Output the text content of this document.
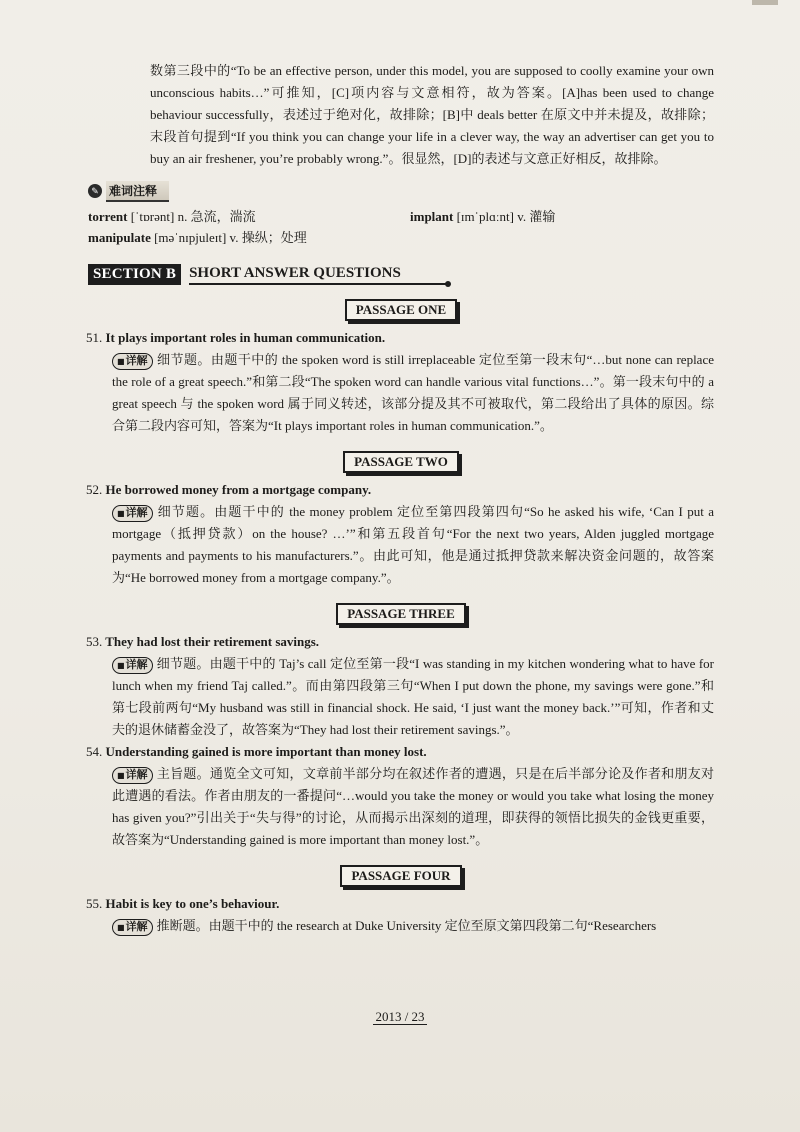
数第三段中的“To be an effective person, under this model, you are supposed to coolly examine your own unconscious habits…”可推知，[C]项内容与文意相符，故为答案。[A]has been used to change behaviour successfully，表述过于绝对化，故排除；[B]中 deals better 在原文中并未提及，故排除；末段首句提到“If you think you can change your life in a clever way, the way an advertiser can get you to buy an air freshener, you’re probably wrong.”。很显然，[D]的表述与文意正好相反，故排除。

✎ 难词注释
torrent [ˈtɒrənt] n. 急流，湍流	implant [ɪmˈplɑːnt] v. 灌输
manipulate [məˈnɪpjuleɪt] v. 操纵；处理
SECTION B SHORT ANSWER QUESTIONS
PASSAGE ONE

51. It plays important roles in human communication.

■详解 细节题。由题干中的 the spoken word is still irreplaceable 定位至第一段末句“…but none can replace the role of a great speech.”和第二段“The spoken word can handle various vital functions…”。第一段末句中的 a great speech 与 the spoken word 属于同义转述，该部分提及其不可被取代，第二段给出了具体的原因。综合第二段内容可知，答案为“It plays important roles in human communication.”。

PASSAGE TWO

52. He borrowed money from a mortgage company.

■详解 细节题。由题干中的 the money problem 定位至第四段第四句“So he asked his wife, ‘Can I put a mortgage（抵押贷款）on the house? …’”和第五段首句“For the next two years, Alden juggled mortgage payments and payments to his manufacturers.”。由此可知，他是通过抵押贷款来解决资金问题的，故答案为“He borrowed money from a mortgage company.”。

PASSAGE THREE

53. They had lost their retirement savings.

■详解 细节题。由题干中的 Taj’s call 定位至第一段“I was standing in my kitchen wondering what to have for lunch when my friend Taj called.”。而由第四段第三句“When I put down the phone, my savings were gone.”和第七段前两句“My husband was still in financial shock. He said, ‘I just want the money back.’”可知，作者和丈夫的退休储蓄金没了，故答案为“They had lost their retirement savings.”。

54. Understanding gained is more important than money lost.

■详解 主旨题。通览全文可知，文章前半部分均在叙述作者的遭遇，只是在后半部分论及作者和朋友对此遭遇的看法。作者由朋友的一番提问“…would you take the money or would you take what losing the money has given you?”引出关于“失与得”的讨论，从而揭示出深刻的道理，即获得的领悟比损失的金钱更重要，故答案为“Understanding gained is more important than money lost.”。

PASSAGE FOUR

55. Habit is key to one’s behaviour.

■详解 推断题。由题干中的 the research at Duke University 定位至原文第四段第二句“Researchers

2013 / 23
